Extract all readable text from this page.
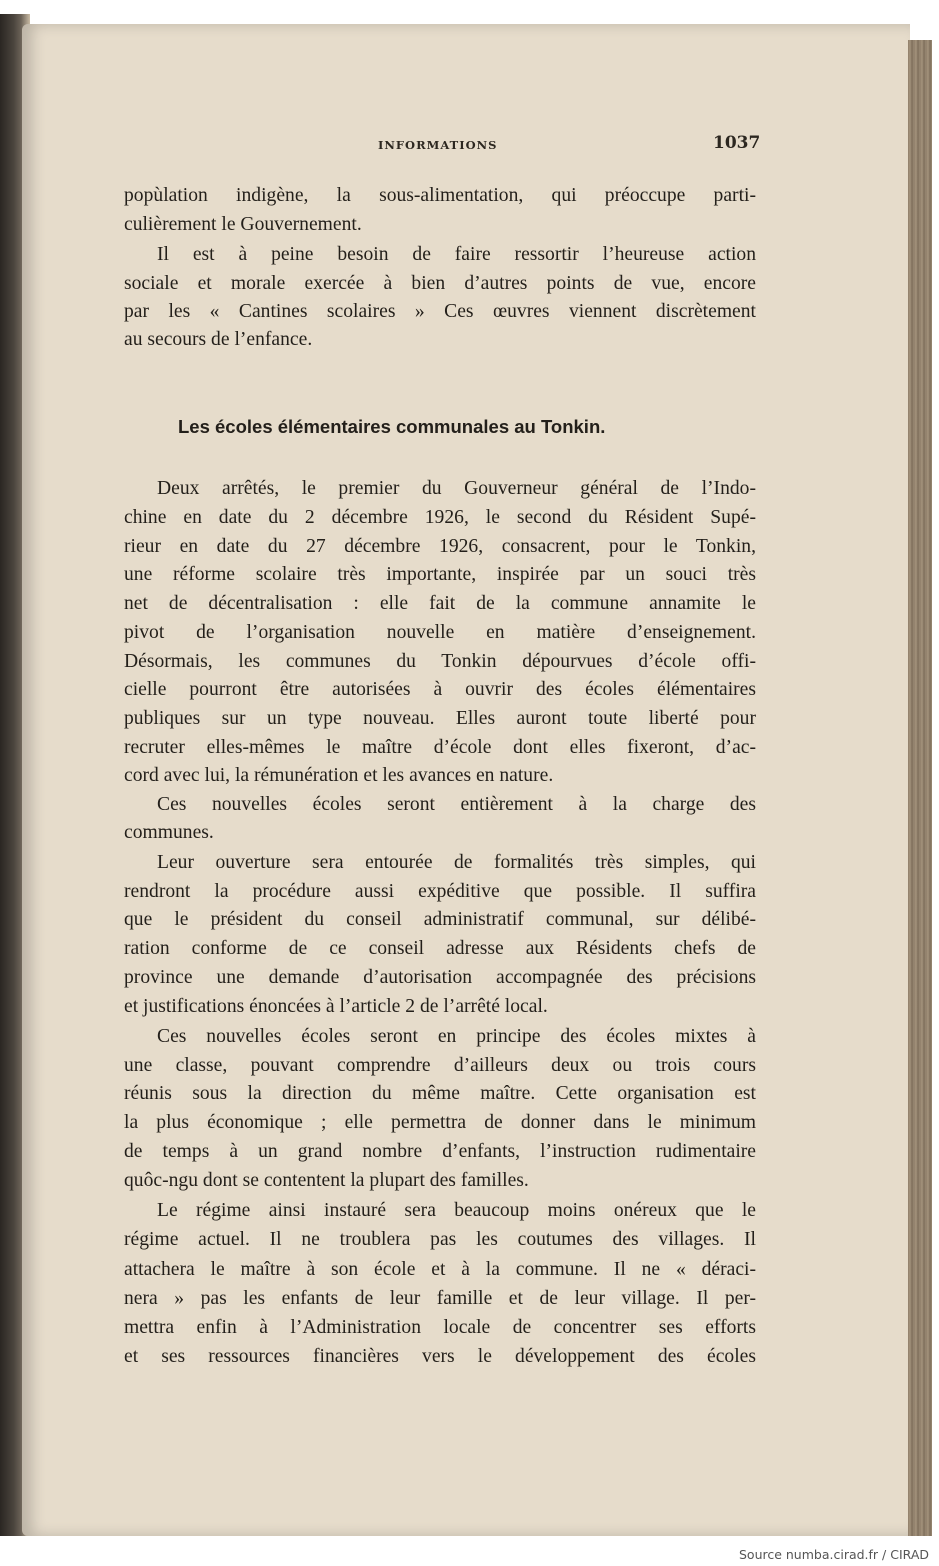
INFORMATIONS	1037
popùlation indigène, la sous-alimentation, qui préoccupe parti-
culièrement le Gouvernement.
Il est à peine besoin de faire ressortir l’heureuse action
sociale et morale exercée à bien d’autres points de vue, encore
par les « Cantines scolaires » Ces œuvres viennent discrètement
au secours de l’enfance.
Les écoles élémentaires communales au Tonkin.
Deux arrêtés, le premier du Gouverneur général de l’Indo-
chine en date du 2 décembre 1926, le second du Résident Supé-
rieur en date du 27 décembre 1926, consacrent, pour le Tonkin,
une réforme scolaire très importante, inspirée par un souci très
net de décentralisation : elle fait de la commune annamite le
pivot de l’organisation nouvelle en matière d’enseignement.
Désormais, les communes du Tonkin dépourvues d’école offi-
cielle pourront être autorisées à ouvrir des écoles élémentaires
publiques sur un type nouveau. Elles auront toute liberté pour
recruter elles-mêmes le maître d’école dont elles fixeront, d’ac-
cord avec lui, la rémunération et les avances en nature.
Ces nouvelles écoles seront entièrement à la charge des
communes.
Leur ouverture sera entourée de formalités très simples, qui
rendront la procédure aussi expéditive que possible. Il suffira
que le président du conseil administratif communal, sur délibé-
ration conforme de ce conseil adresse aux Résidents chefs de
province une demande d’autorisation accompagnée des précisions
et justifications énoncées à l’article 2 de l’arrêté local.
Ces nouvelles écoles seront en principe des écoles mixtes à
une classe, pouvant comprendre d’ailleurs deux ou trois cours
réunis sous la direction du même maître. Cette organisation est
la plus économique ; elle permettra de donner dans le minimum
de temps à un grand nombre d’enfants, l’instruction rudimentaire
quôc-ngu dont se contentent la plupart des familles.
Le régime ainsi instauré sera beaucoup moins onéreux que le
régime actuel. Il ne troublera pas les coutumes des villages. Il
attachera le maître à son école et à la commune. Il ne « déraci-
nera » pas les enfants de leur famille et de leur village. Il per-
mettra enfin à l’Administration locale de concentrer ses efforts
et ses ressources financières vers le développement des écoles
Source numba.cirad.fr / CIRAD
